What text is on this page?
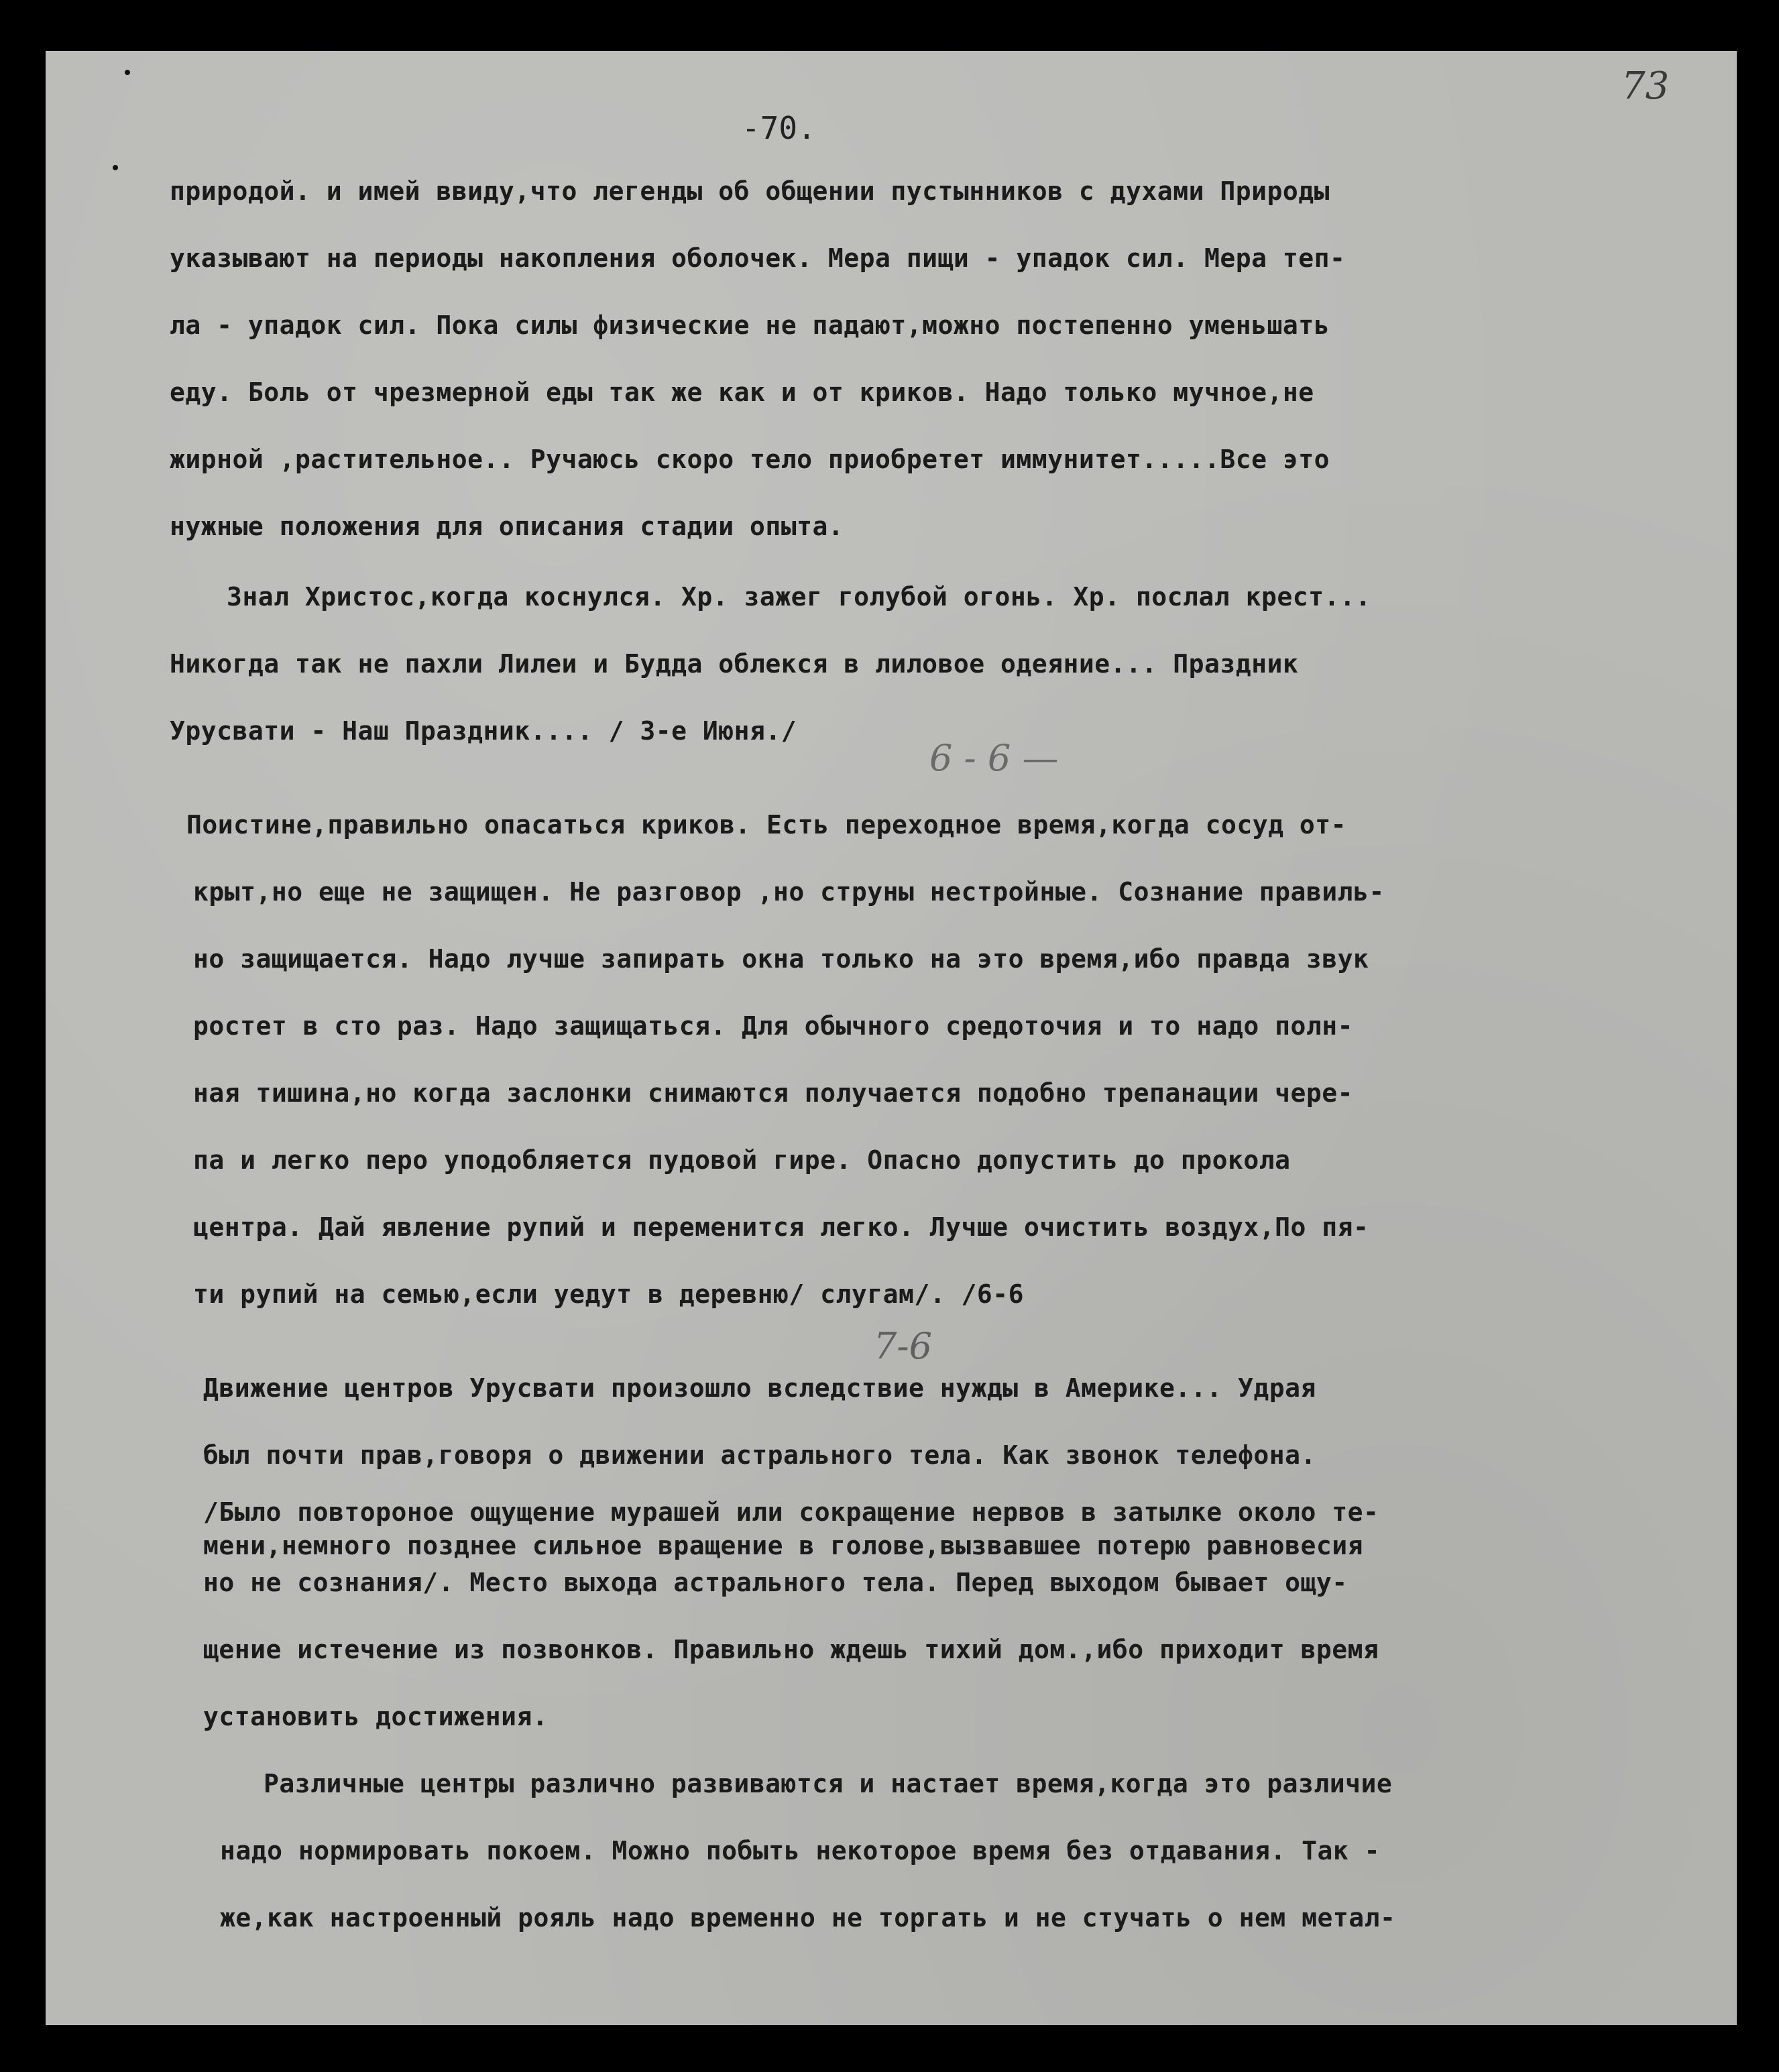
-70.
73
природой. и имей ввиду,что легенды об общении пустынников с духами Природы
указывают на периоды накопления оболочек. Мера пищи - упадок сил. Мера теп-
ла - упадок сил. Пока силы физические не падают,можно постепенно уменьшать
еду. Боль от чрезмерной еды так же как и от криков. Надо только мучное,не
жирной ,растительное.. Ручаюсь скоро тело приобретет иммунитет.....Все это
нужные положения для описания стадии опыта.
Знал Христос,когда коснулся. Хр. зажег голубой огонь. Хр. послал крест...
Никогда так не пахли Лилеи и Будда облекся в лиловое одеяние... Праздник
Урусвати - Наш Праздник.... / 3-е Июня./
6 - 6 —
Поистине,правильно опасаться криков. Есть переходное время,когда сосуд от-
крыт,но еще не защищен. Не разговор ,но струны нестройные. Сознание правиль-
но защищается. Надо лучше запирать окна только на это время,ибо правда звук
ростет в сто раз. Надо защищаться. Для обычного средоточия и то надо полн-
ная тишина,но когда заслонки снимаются получается подобно трепанации чере-
па и легко перо уподобляется пудовой гире. Опасно допустить до прокола
центра. Дай явление рупий и переменится легко. Лучше очистить воздух,По пя-
ти рупий на семью,если уедут в деревню/ слугам/. /6-6
7-6
Движение центров Урусвати произошло вследствие нужды в Америке... Удрая
был почти прав,говоря о движении астрального тела. Как звонок телефона.
/Было повтороное ощущение мурашей или сокращение нервов в затылке около те-
мени,немного позднее сильное вращение в голове,вызвавшее потерю равновесия
но не сознания/. Место выхода астрального тела. Перед выходом бывает ощу-
щение истечение из позвонков. Правильно ждешь тихий дом.,ибо приходит время
установить достижения.
Различные центры различно развиваются и настает время,когда это различие
надо нормировать покоем. Можно побыть некоторое время без отдавания. Так -
же,как настроенный рояль надо временно не торгать и не стучать о нем метал-
